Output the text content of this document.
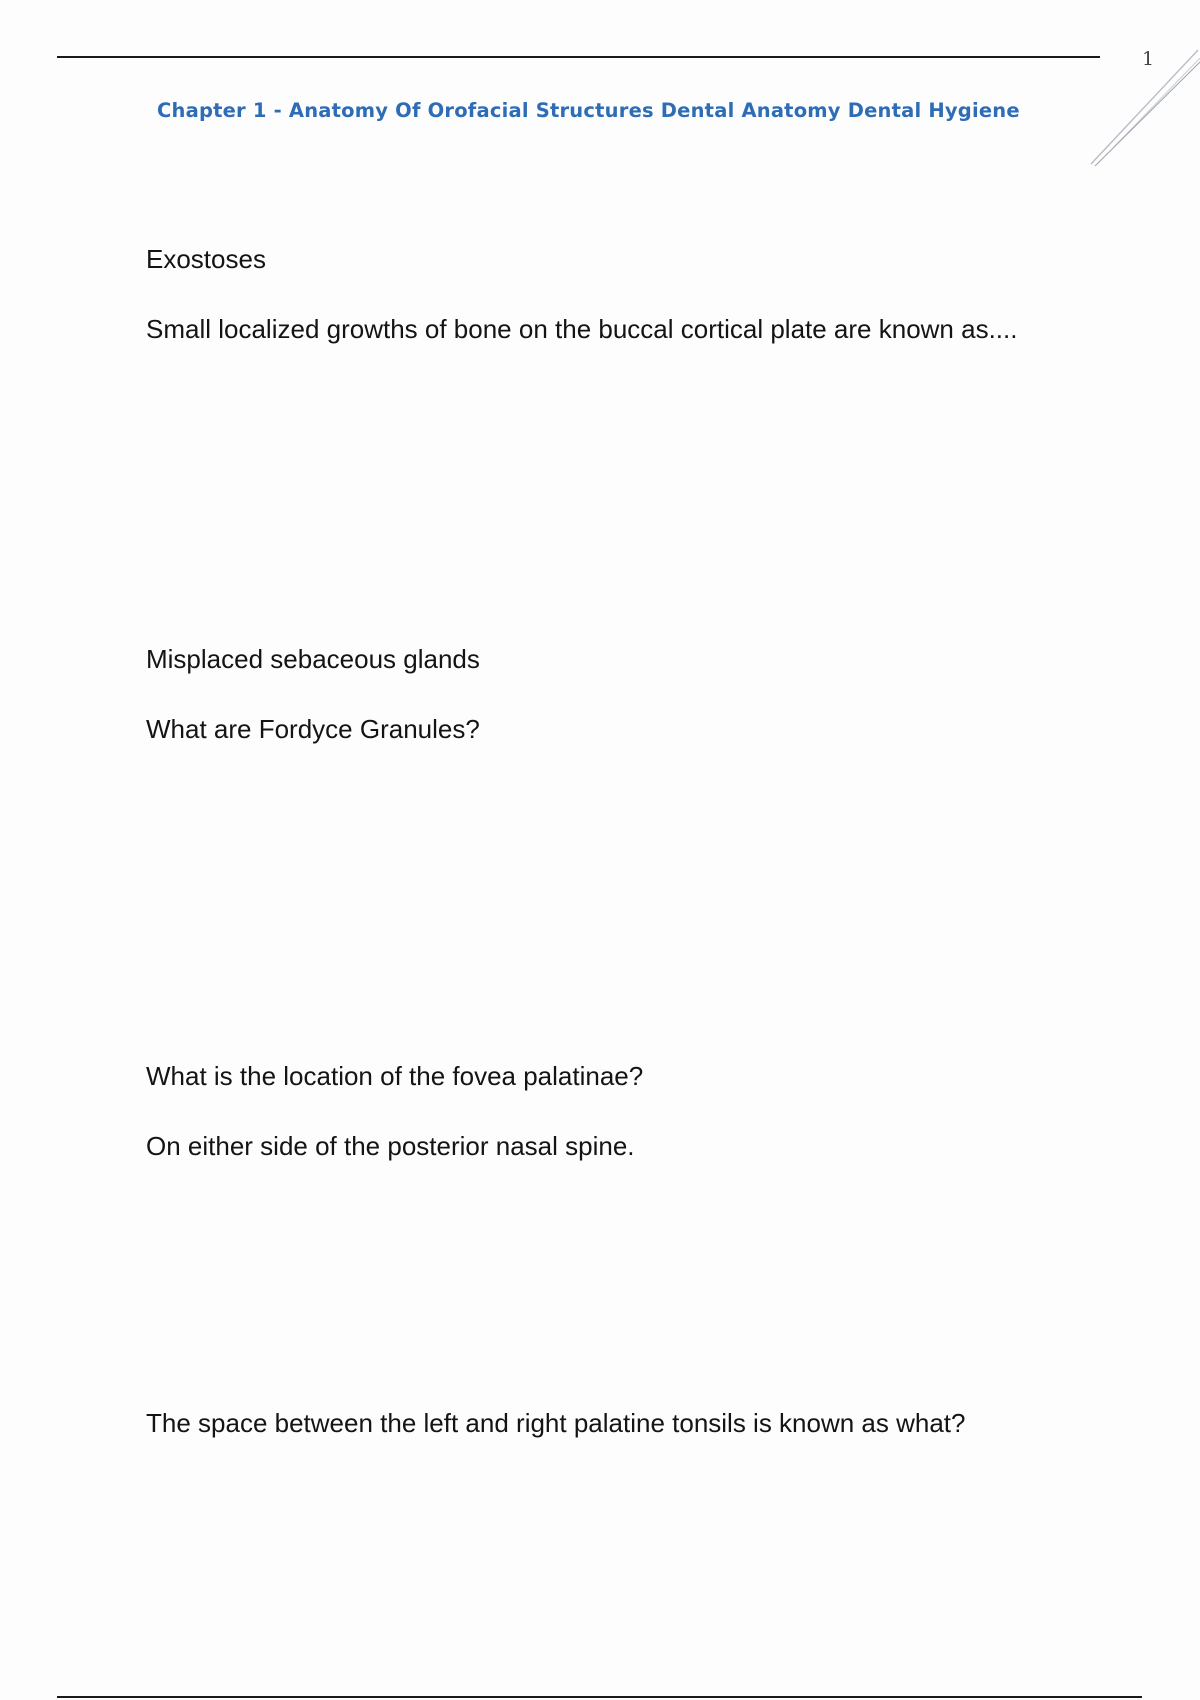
1
Chapter 1 - Anatomy Of Orofacial Structures Dental Anatomy Dental Hygiene
Exostoses
Small localized growths of bone on the buccal cortical plate are known as....
Misplaced sebaceous glands
What are Fordyce Granules?
What is the location of the fovea palatinae?
On either side of the posterior nasal spine.
The space between the left and right palatine tonsils is known as what?
